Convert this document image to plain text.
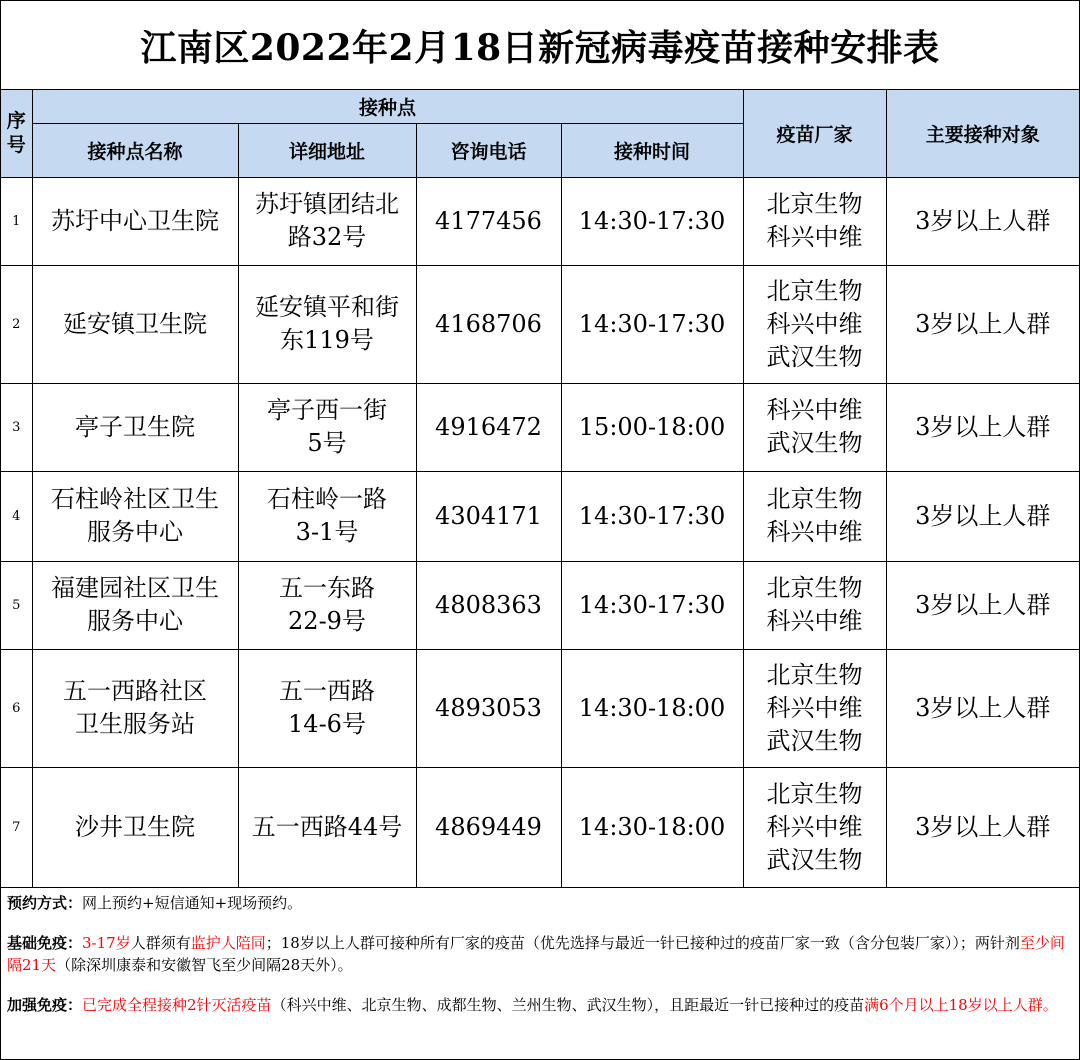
江南区2022年2月18日新冠病毒疫苗接种安排表
序号	接种点				疫苗厂家	主要接种对象
	接种点名称	详细地址	咨询电话	接种时间		
1	苏圩中心卫生院	苏圩镇团结北
路32号	4177456	14:30-17:30	北京生物
科兴中维	3岁以上人群
2	延安镇卫生院	延安镇平和街
东119号	4168706	14:30-17:30	北京生物
科兴中维
武汉生物	3岁以上人群
3	亭子卫生院	亭子西一街
5号	4916472	15:00-18:00	科兴中维
武汉生物	3岁以上人群
4	石柱岭社区卫生
服务中心	石柱岭一路
3-1号	4304171	14:30-17:30	北京生物
科兴中维	3岁以上人群
5	福建园社区卫生
服务中心	五一东路
22-9号	4808363	14:30-17:30	北京生物
科兴中维	3岁以上人群
6	五一西路社区
卫生服务站	五一西路
14-6号	4893053	14:30-18:00	北京生物
科兴中维
武汉生物	3岁以上人群
7	沙井卫生院	五一西路44号	4869449	14:30-18:00	北京生物
科兴中维
武汉生物	3岁以上人群

预约方式：网上预约+短信通知+现场预约。

基础免疫：3-17岁人群须有监护人陪同；18岁以上人群可接种所有厂家的疫苗（优先选择与最近一针已接种过的疫苗厂家一致（含分包装厂家））；两针剂至少间隔21天（除深圳康泰和安徽智飞至少间隔28天外）。

加强免疫：已完成全程接种2针灭活疫苗（科兴中维、北京生物、成都生物、兰州生物、武汉生物），且距最近一针已接种过的疫苗满6个月以上18岁以上人群。
